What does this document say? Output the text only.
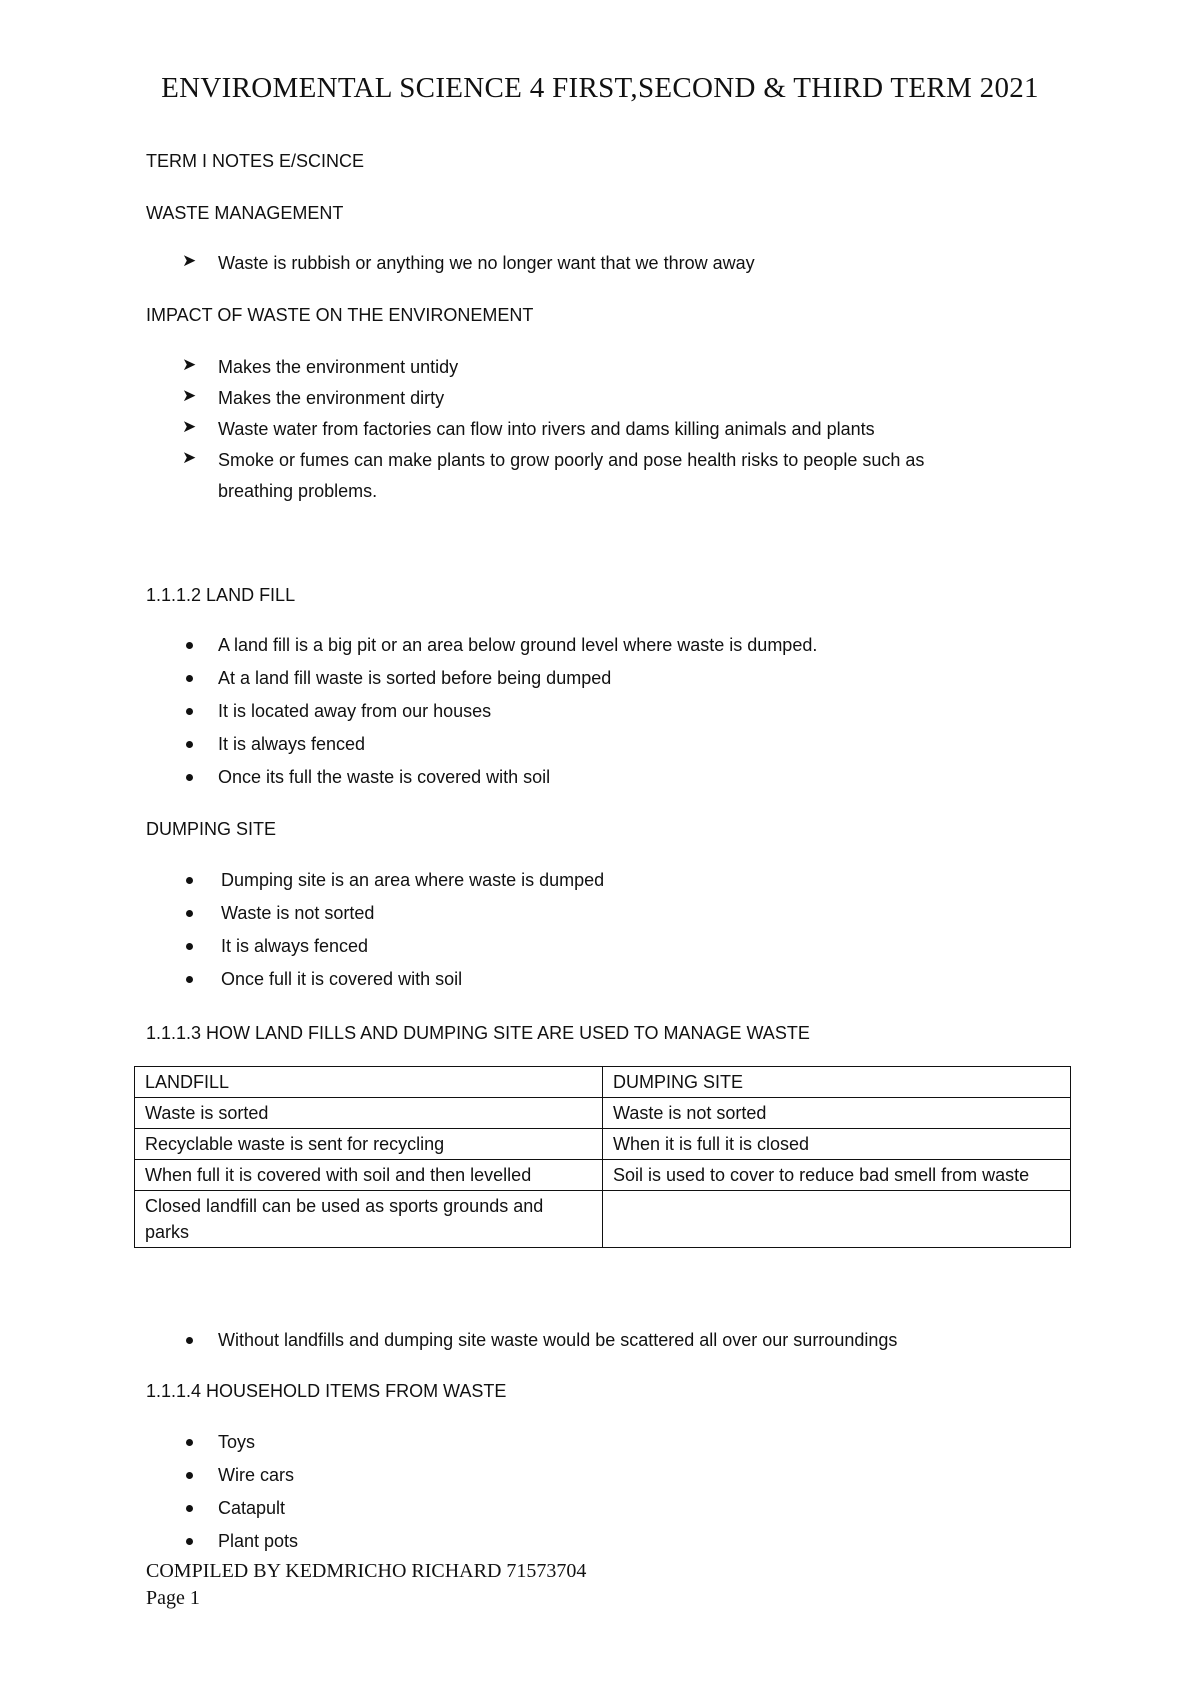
ENVIROMENTAL SCIENCE 4 FIRST,SECOND & THIRD TERM 2021
TERM I NOTES E/SCINCE
WASTE MANAGEMENT
➤ Waste is rubbish or anything we no longer want that we throw away
IMPACT OF WASTE ON THE ENVIRONEMENT
➤ Makes the environment untidy
➤ Makes the environment dirty
➤ Waste water from factories can flow into rivers and dams killing animals and plants
➤ Smoke or fumes can make plants to grow poorly and pose health risks to people such as
breathing problems.
1.1.1.2 LAND FILL
A land fill is a big pit or an area below ground level where waste is dumped.
At a land fill waste is sorted before being dumped
It is located away from our houses
It is always fenced
Once its full the waste is covered with soil
DUMPING SITE
Dumping site is an area where waste is dumped
Waste is not sorted
It is always fenced
Once full it is covered with soil
1.1.1.3 HOW LAND FILLS AND DUMPING SITE ARE USED TO MANAGE WASTE
LANDFILL	DUMPING SITE
Waste is sorted	Waste is not sorted
Recyclable waste is sent for recycling	When it is full it is closed
When full it is covered with soil and then levelled	Soil is used to cover to reduce bad smell from waste
Closed landfill can be used as sports grounds and parks	
Without landfills and dumping site waste would be scattered all over our surroundings
1.1.1.4 HOUSEHOLD ITEMS FROM WASTE
Toys
Wire cars
Catapult
Plant pots
COMPILED BY KEDMRICHO RICHARD 71573704
Page 1
